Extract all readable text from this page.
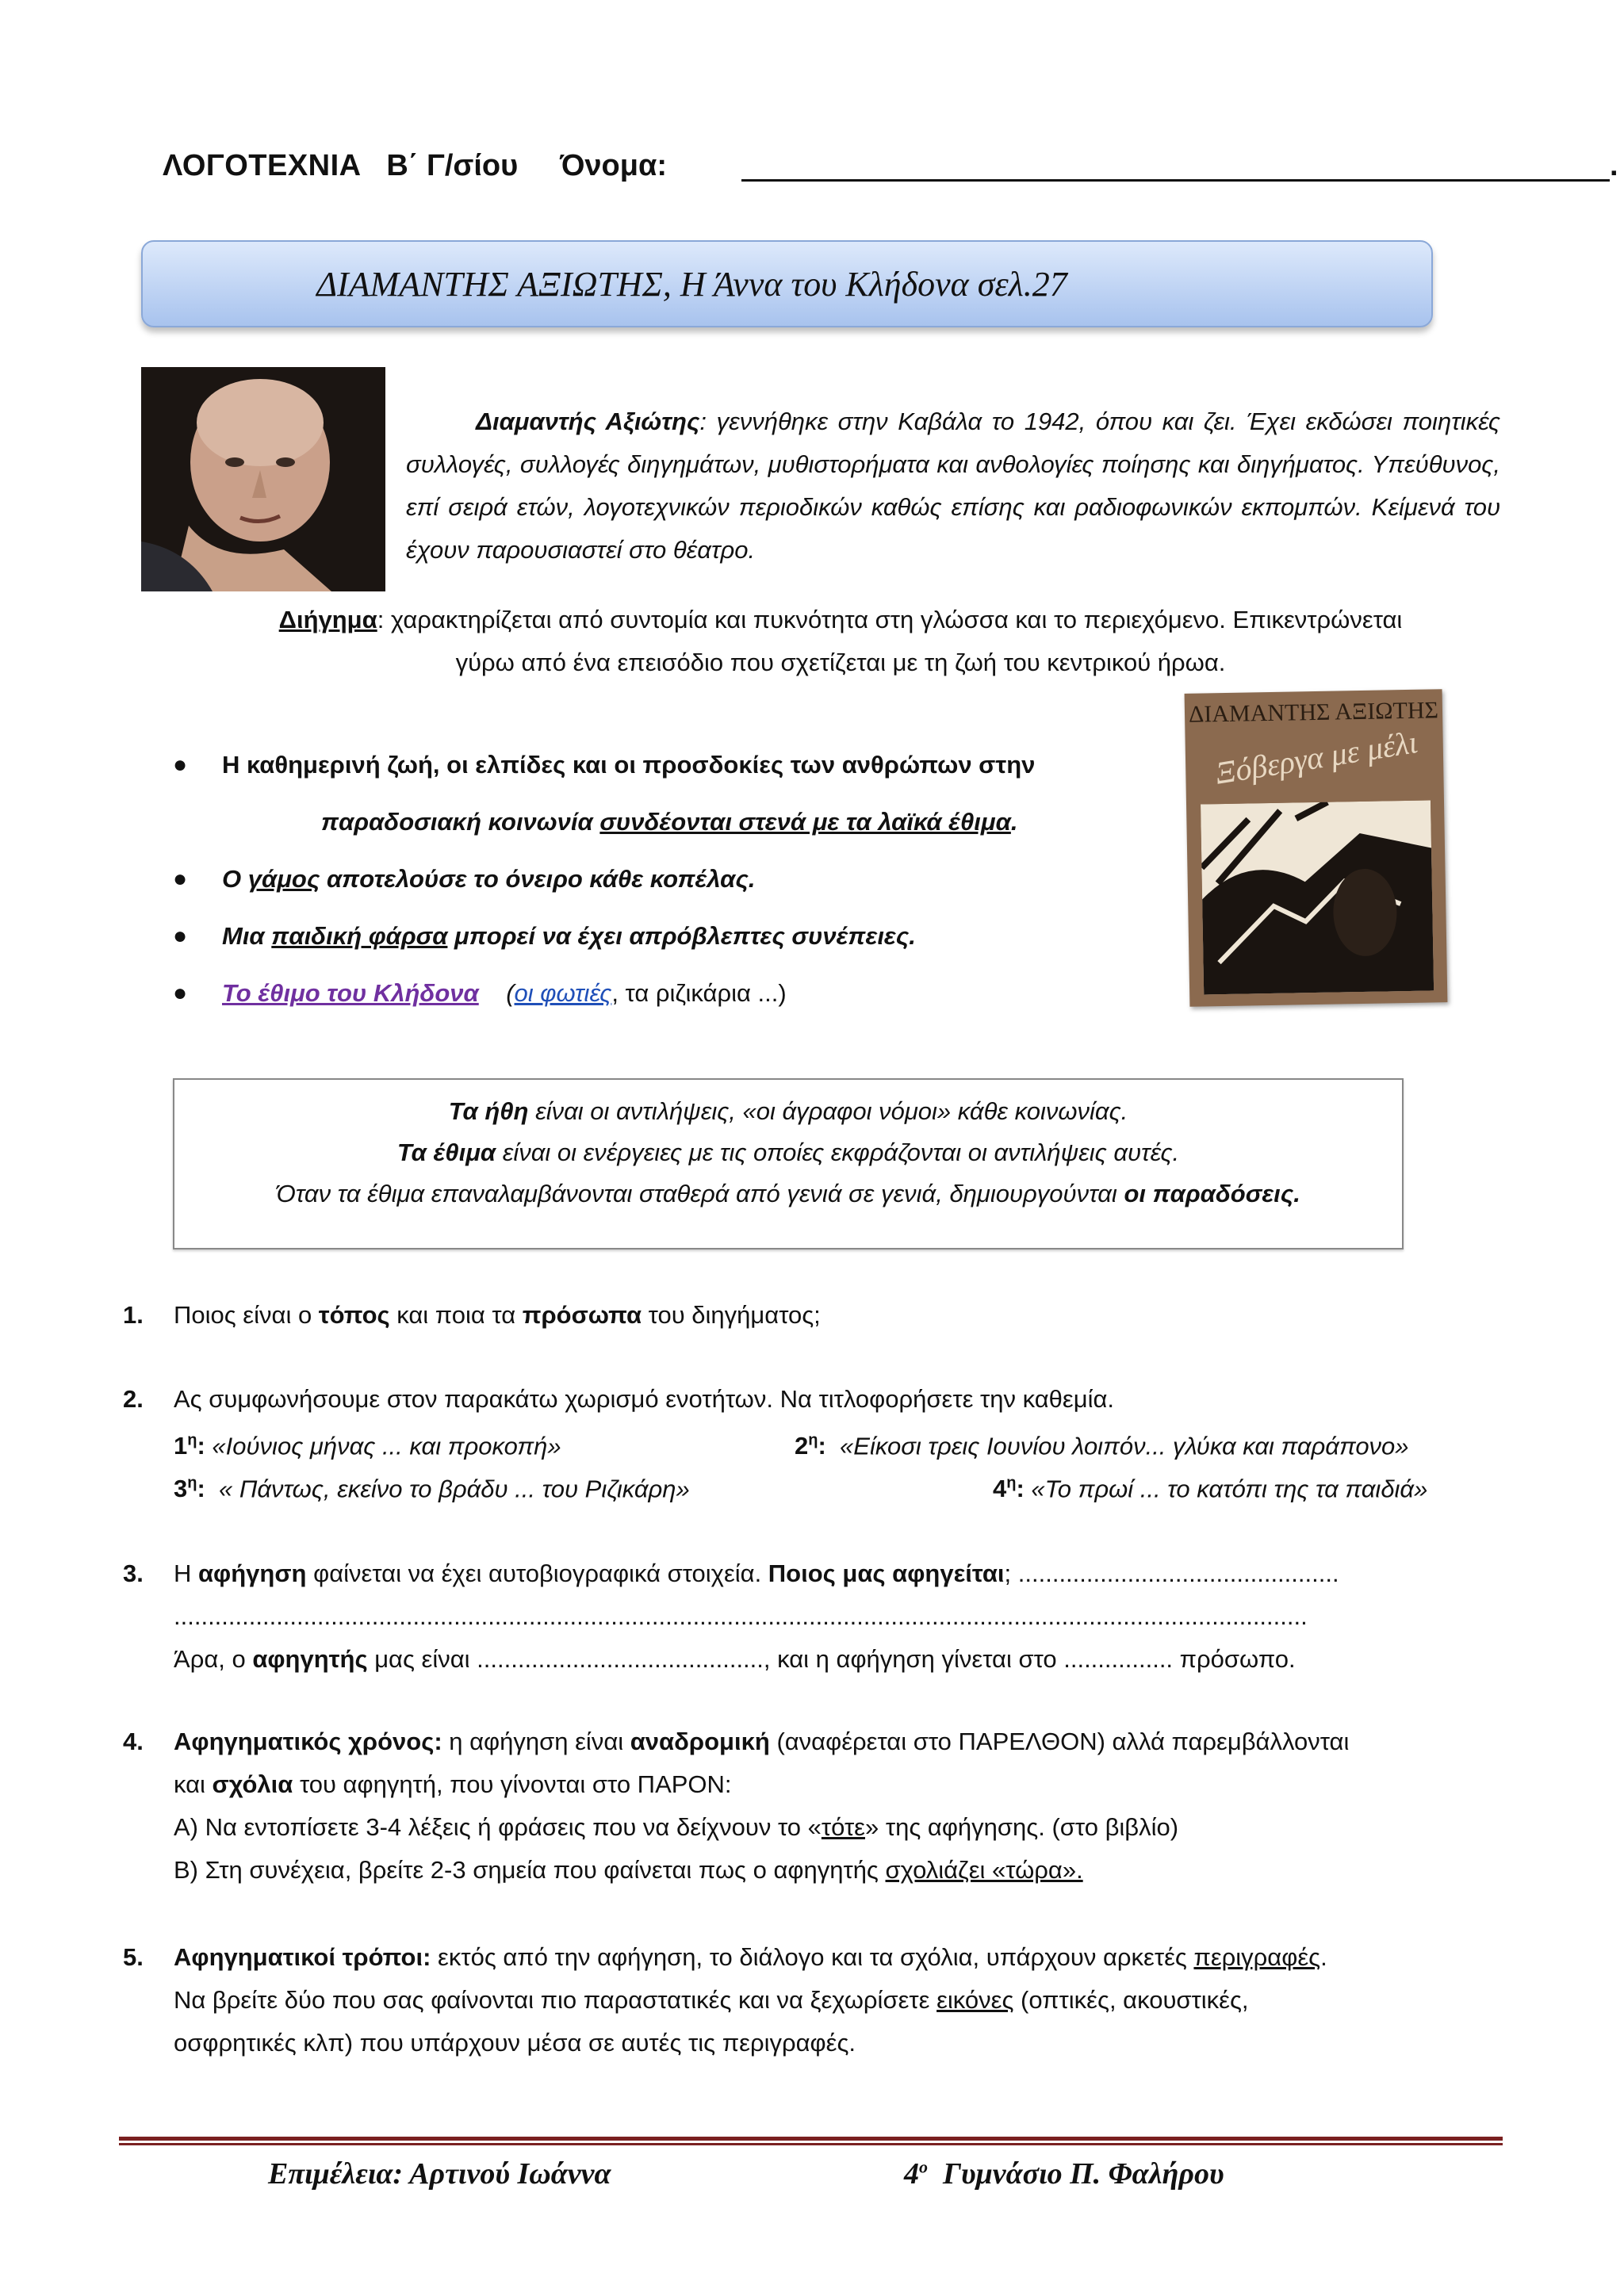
ΛΟΓΟΤΕΧΝΙΑ Β΄ Γ/σίου Όνομα:	.
ΔΙΑΜΑΝΤΗΣ ΑΞΙΩΤΗΣ, Η Άννα του Κλήδονα σελ.27
Διαμαντής Αξιώτης: γεννήθηκε στην Καβάλα το 1942, όπου και ζει. Έχει εκδώσει ποιητικές συλλογές, συλλογές διηγημάτων, μυθιστορήματα και ανθολογίες ποίησης και διηγήματος. Υπεύθυνος, επί σειρά ετών, λογοτεχνικών περιοδικών καθώς επίσης και ραδιοφωνικών εκπομπών. Κείμενά του έχουν παρουσιαστεί στο θέατρο.
Διήγημα: χαρακτηρίζεται από συντομία και πυκνότητα στη γλώσσα και το περιεχόμενο. Επικεντρώνεται
γύρω από ένα επεισόδιο που σχετίζεται με τη ζωή του κεντρικού ήρωα.
ΔΙΑΜΑΝΤΗΣ ΑΞΙΩΤΗΣ
Ξόβεργα με μέλι
● Η καθημερινή ζωή, οι ελπίδες και οι προσδοκίες των ανθρώπων στην
παραδοσιακή κοινωνία συνδέονται στενά με τα λαϊκά έθιμα.
● Ο γάμος αποτελούσε το όνειρο κάθε κοπέλας.
● Μια παιδική φάρσα μπορεί να έχει απρόβλεπτες συνέπειες.
● Το έθιμο του Κλήδονα    (οι φωτιές, τα ριζικάρια ...)
Τα ήθη είναι οι αντιλήψεις, «οι άγραφοι νόμοι» κάθε κοινωνίας.
Τα έθιμα είναι οι ενέργειες με τις οποίες εκφράζονται οι αντιλήψεις αυτές.
Όταν τα έθιμα επαναλαμβάνονται σταθερά από γενιά σε γενιά, δημιουργούνται οι παραδόσεις.
1. Ποιος είναι ο τόπος και ποια τα πρόσωπα του διηγήματος;
2. Ας συμφωνήσουμε στον παρακάτω χωρισμό ενοτήτων. Να τιτλοφορήσετε την καθεμία.
$1^\eta$: «Ιούνιος μήνας ... και προκοπή»	$2^\eta$: «Είκοσι τρεις Ιουνίου λοιπόν... γλύκα και παράπονο»
$3^\eta$: « Πάντως, εκείνο το βράδυ ... του Ριζικάρη»	$4^\eta$: «Το πρωί ... το κατόπι της τα παιδιά»
3. Η αφήγηση φαίνεται να έχει αυτοβιογραφικά στοιχεία. Ποιος μας αφηγείται; ...............................................
......................................................................................................................................................................
Άρα, ο αφηγητής μας είναι .........................................., και η αφήγηση γίνεται στο ................ πρόσωπο.
4. Αφηγηματικός χρόνος: η αφήγηση είναι αναδρομική (αναφέρεται στο ΠΑΡΕΛΘΟΝ) αλλά παρεμβάλλονται
και σχόλια του αφηγητή, που γίνονται στο ΠΑΡΟΝ:
Α) Να εντοπίσετε 3-4 λέξεις ή φράσεις που να δείχνουν το «τότε» της αφήγησης. (στο βιβλίο)
Β) Στη συνέχεια, βρείτε 2-3 σημεία που φαίνεται πως ο αφηγητής σχολιάζει «τώρα».
5. Αφηγηματικοί τρόποι: εκτός από την αφήγηση, το διάλογο και τα σχόλια, υπάρχουν αρκετές περιγραφές.
Να βρείτε δύο που σας φαίνονται πιο παραστατικές και να ξεχωρίσετε εικόνες (οπτικές, ακουστικές,
οσφρητικές κλπ) που υπάρχουν μέσα σε αυτές τις περιγραφές.
Επιμέλεια: Αρτινού Ιωάννα	$4^o$  Γυμνάσιο Π. Φαλήρου
